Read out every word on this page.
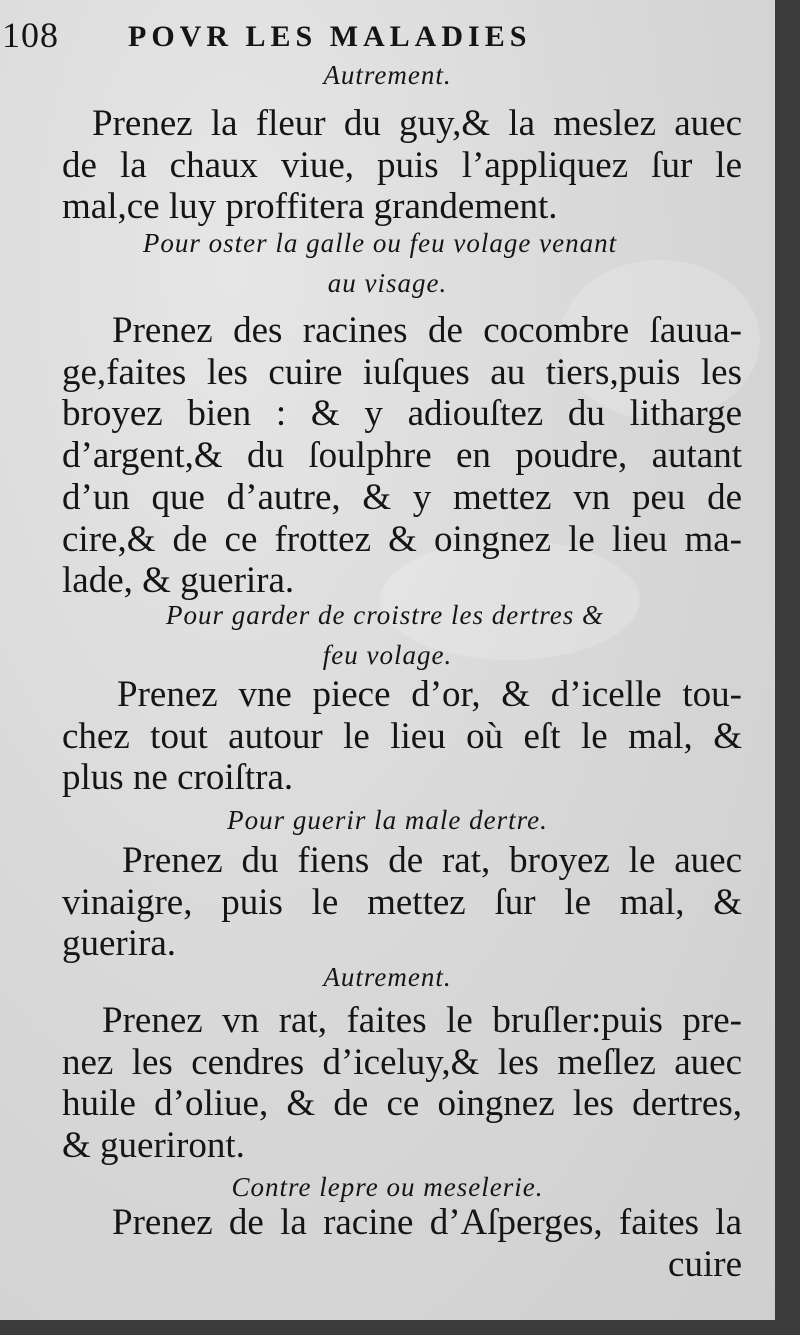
108 POVR LES MALADIES
Autrement.
Prenez la fleur du guy,& la meslez auec
de la chaux viue, puis l’appliquez ſur le
mal,ce luy proffitera grandement.
Pour oster la galle ou feu volage venant
au visage.
Prenez des racines de cocombre ſauua-
ge,faites les cuire iuſques au tiers,puis les
broyez bien : & y adiouſtez du litharge
d’argent,& du ſoulphre en poudre, autant
d’un que d’autre, & y mettez vn peu de
cire,& de ce frottez & oingnez le lieu ma-
lade, & guerira.
Pour garder de croistre les dertres &
feu volage.
Prenez vne piece d’or, & d’icelle tou-
chez tout autour le lieu où eſt le mal, &
plus ne croiſtra.
Pour guerir la male dertre.
Prenez du fiens de rat, broyez le auec
vinaigre, puis le mettez ſur le mal, &
guerira.
Autrement.
Prenez vn rat, faites le bruſler:puis pre-
nez les cendres d’iceluy,& les meſlez auec
huile d’oliue, & de ce oingnez les dertres,
& gueriront.
Contre lepre ou meselerie.
Prenez de la racine d’Aſperges, faites la
cuire
